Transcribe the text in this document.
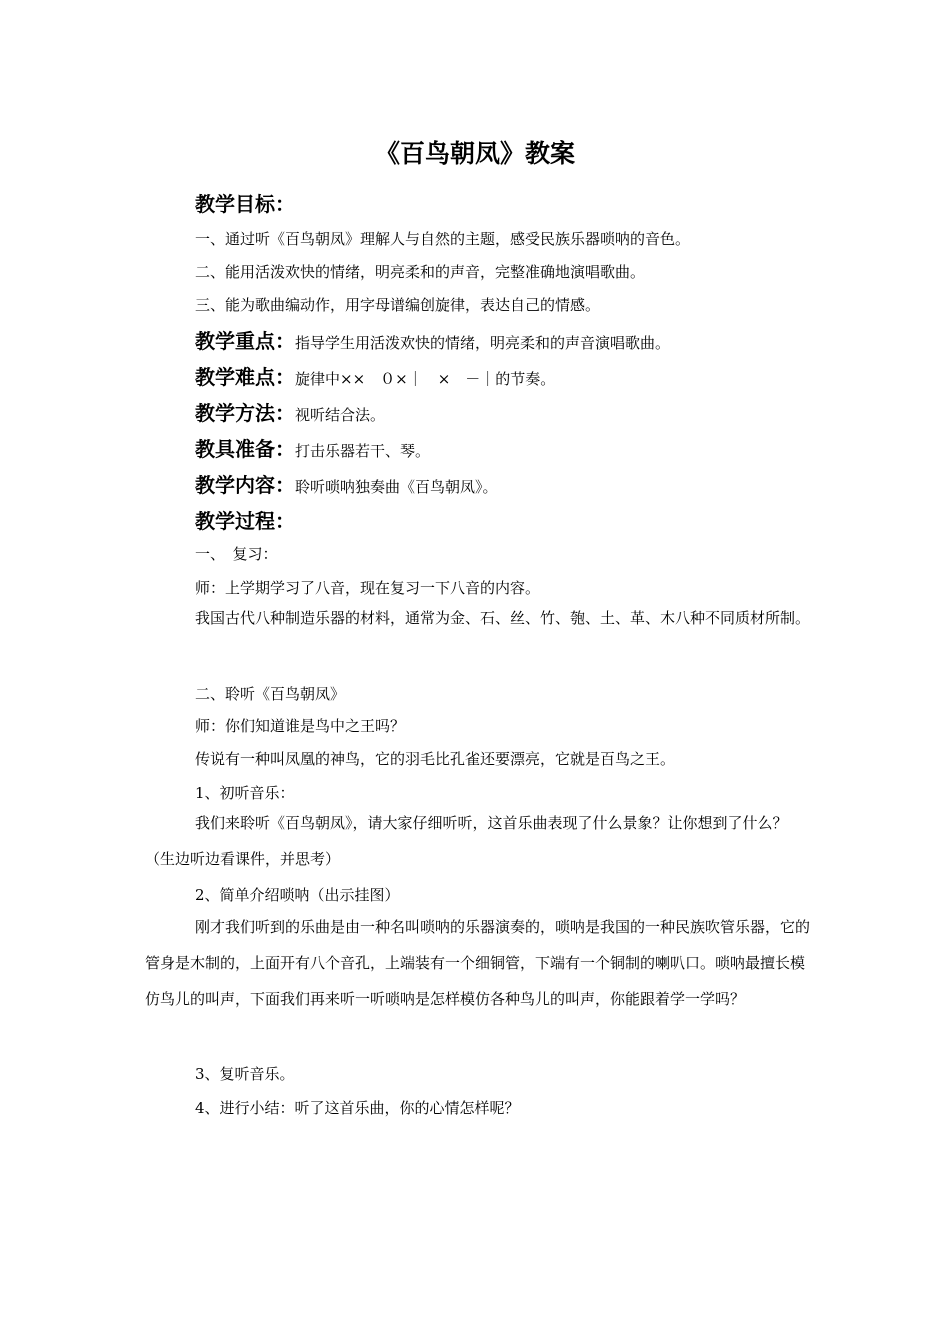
《百鸟朝凤》教案

教学目标：

一、通过听《百鸟朝凤》理解人与自然的主题，感受民族乐器唢呐的音色。

二、能用活泼欢快的情绪，明亮柔和的声音，完整准确地演唱歌曲。

三、能为歌曲编动作，用字母谱编创旋律，表达自己的情感。

教学重点：指导学生用活泼欢快的情绪，明亮柔和的声音演唱歌曲。

教学难点：旋律中××　０×｜　×　－｜的节奏。

教学方法：视听结合法。

教具准备：打击乐器若干、琴。

教学内容：聆听唢呐独奏曲《百鸟朝凤》。

教学过程：

一、　复习：

师：上学期学习了八音，现在复习一下八音的内容。

我国古代八种制造乐器的材料，通常为金、石、丝、竹、匏、土、革、木八种不同质材所制。

二、聆听《百鸟朝凤》

师：你们知道谁是鸟中之王吗？

传说有一种叫凤凰的神鸟，它的羽毛比孔雀还要漂亮，它就是百鸟之王。

1、初听音乐：

我们来聆听《百鸟朝凤》，请大家仔细听听，这首乐曲表现了什么景象？让你想到了什么？（生边听边看课件，并思考）

2、简单介绍唢呐（出示挂图）

刚才我们听到的乐曲是由一种名叫唢呐的乐器演奏的，唢呐是我国的一种民族吹管乐器，它的管身是木制的，上面开有八个音孔，上端装有一个细铜管，下端有一个铜制的喇叭口。唢呐最擅长模仿鸟儿的叫声，下面我们再来听一听唢呐是怎样模仿各种鸟儿的叫声，你能跟着学一学吗？

3、复听音乐。

4、进行小结：听了这首乐曲，你的心情怎样呢？
